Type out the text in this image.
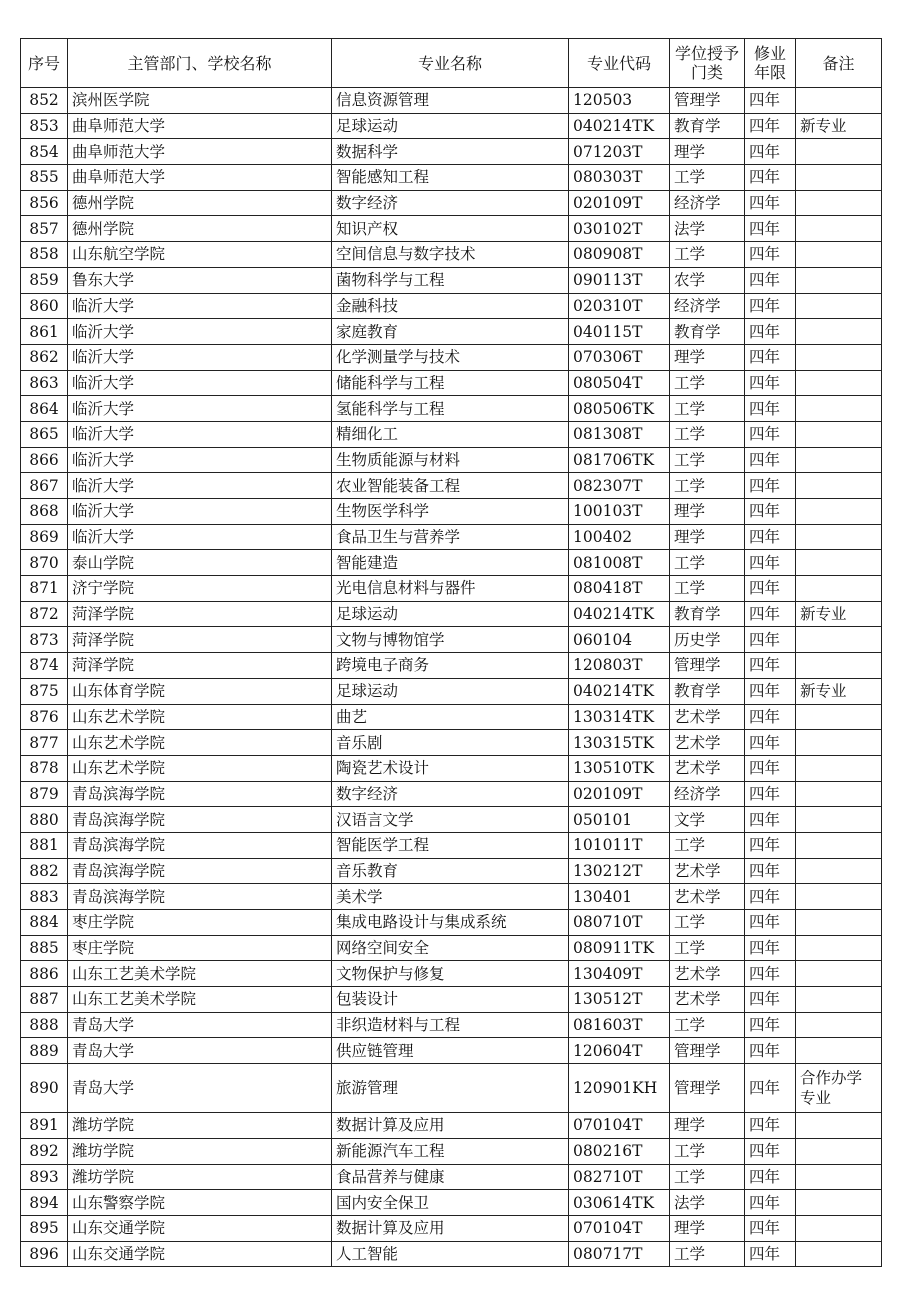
序号	主管部门、学校名称	专业名称	专业代码	学位授予门类	修业年限	备注
852	滨州医学院	信息资源管理	120503	管理学	四年	
853	曲阜师范大学	足球运动	040214TK	教育学	四年	新专业
854	曲阜师范大学	数据科学	071203T	理学	四年	
855	曲阜师范大学	智能感知工程	080303T	工学	四年	
856	德州学院	数字经济	020109T	经济学	四年	
857	德州学院	知识产权	030102T	法学	四年	
858	山东航空学院	空间信息与数字技术	080908T	工学	四年	
859	鲁东大学	菌物科学与工程	090113T	农学	四年	
860	临沂大学	金融科技	020310T	经济学	四年	
861	临沂大学	家庭教育	040115T	教育学	四年	
862	临沂大学	化学测量学与技术	070306T	理学	四年	
863	临沂大学	储能科学与工程	080504T	工学	四年	
864	临沂大学	氢能科学与工程	080506TK	工学	四年	
865	临沂大学	精细化工	081308T	工学	四年	
866	临沂大学	生物质能源与材料	081706TK	工学	四年	
867	临沂大学	农业智能装备工程	082307T	工学	四年	
868	临沂大学	生物医学科学	100103T	理学	四年	
869	临沂大学	食品卫生与营养学	100402	理学	四年	
870	泰山学院	智能建造	081008T	工学	四年	
871	济宁学院	光电信息材料与器件	080418T	工学	四年	
872	菏泽学院	足球运动	040214TK	教育学	四年	新专业
873	菏泽学院	文物与博物馆学	060104	历史学	四年	
874	菏泽学院	跨境电子商务	120803T	管理学	四年	
875	山东体育学院	足球运动	040214TK	教育学	四年	新专业
876	山东艺术学院	曲艺	130314TK	艺术学	四年	
877	山东艺术学院	音乐剧	130315TK	艺术学	四年	
878	山东艺术学院	陶瓷艺术设计	130510TK	艺术学	四年	
879	青岛滨海学院	数字经济	020109T	经济学	四年	
880	青岛滨海学院	汉语言文学	050101	文学	四年	
881	青岛滨海学院	智能医学工程	101011T	工学	四年	
882	青岛滨海学院	音乐教育	130212T	艺术学	四年	
883	青岛滨海学院	美术学	130401	艺术学	四年	
884	枣庄学院	集成电路设计与集成系统	080710T	工学	四年	
885	枣庄学院	网络空间安全	080911TK	工学	四年	
886	山东工艺美术学院	文物保护与修复	130409T	艺术学	四年	
887	山东工艺美术学院	包装设计	130512T	艺术学	四年	
888	青岛大学	非织造材料与工程	081603T	工学	四年	
889	青岛大学	供应链管理	120604T	管理学	四年	
890	青岛大学	旅游管理	120901KH	管理学	四年	合作办学专业
891	潍坊学院	数据计算及应用	070104T	理学	四年	
892	潍坊学院	新能源汽车工程	080216T	工学	四年	
893	潍坊学院	食品营养与健康	082710T	工学	四年	
894	山东警察学院	国内安全保卫	030614TK	法学	四年	
895	山东交通学院	数据计算及应用	070104T	理学	四年	
896	山东交通学院	人工智能	080717T	工学	四年	
